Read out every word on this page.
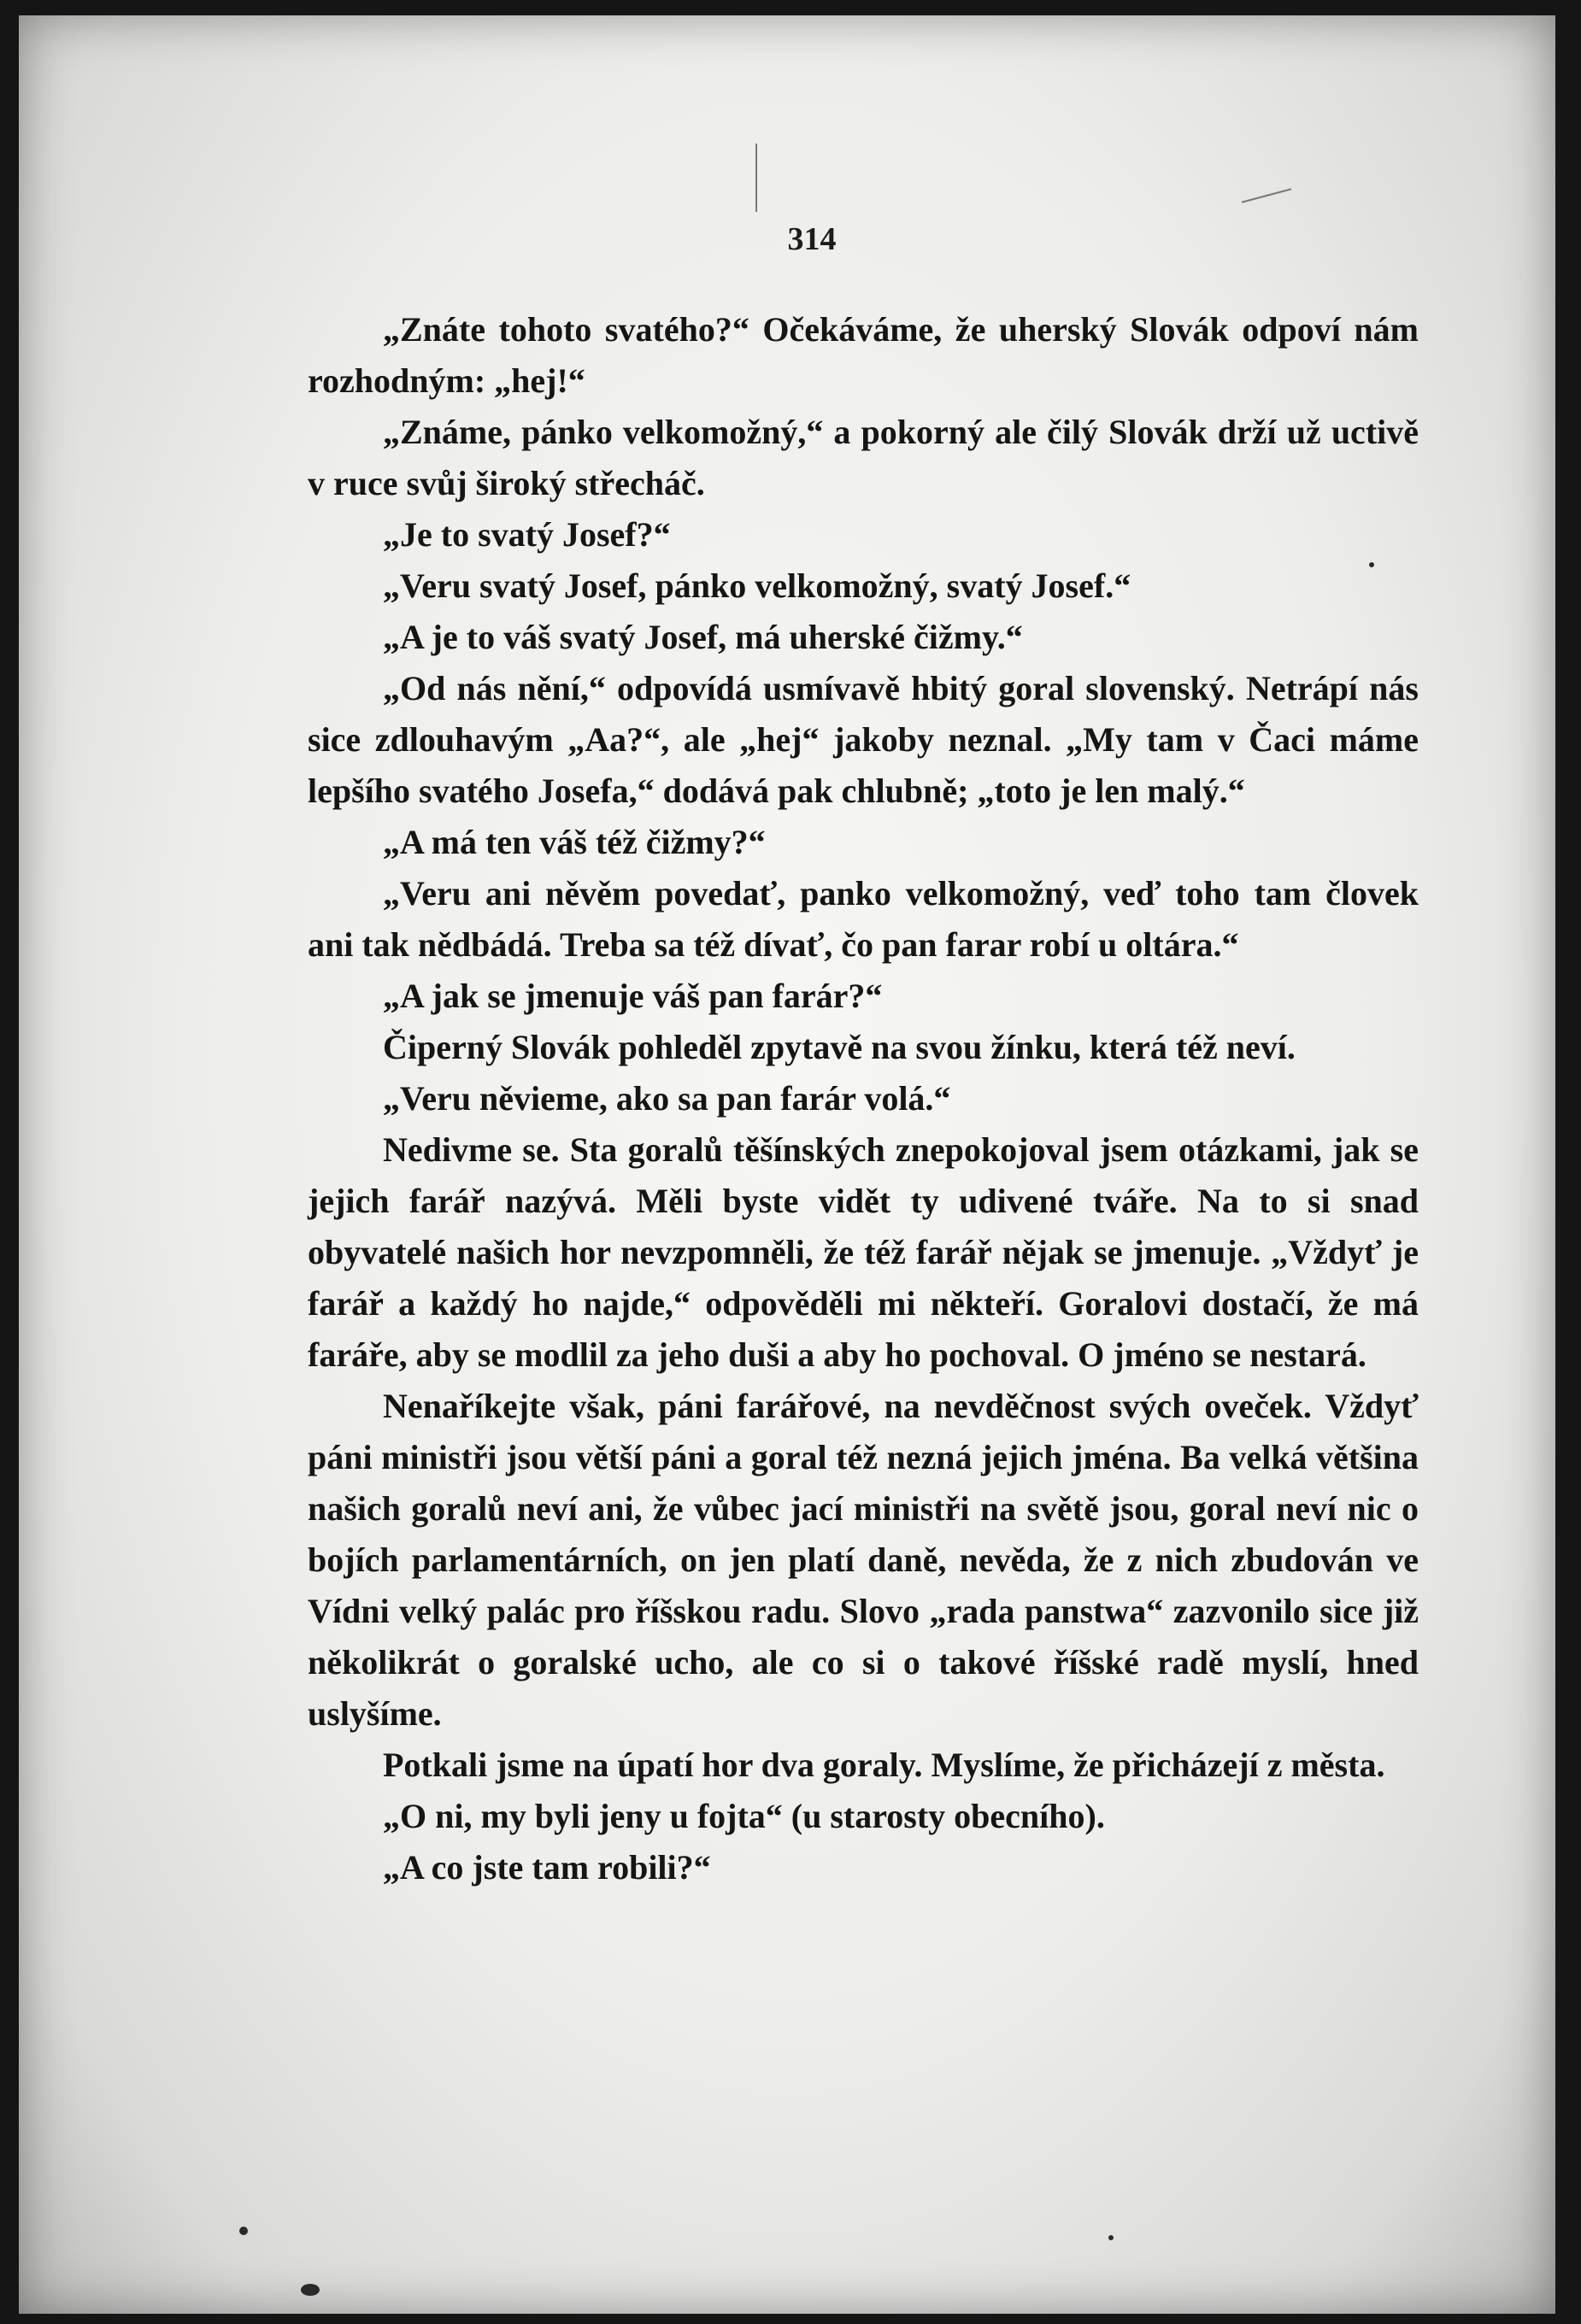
314

„Znáte tohoto svatého?“ Očekáváme, že uherský Slovák odpoví nám rozhodným: „hej!“

„Známe, pánko velkomožný,“ a pokorný ale čilý Slovák drží už uctivě v ruce svůj široký střecháč.

„Je to svatý Josef?“

„Veru svatý Josef, pánko velkomožný, svatý Josef.“

„A je to váš svatý Josef, má uherské čižmy.“

„Od nás nění,“ odpovídá usmívavě hbitý goral slovenský. Netrápí nás sice zdlouhavým „Aa?“, ale „hej“ jakoby neznal. „My tam v Čaci máme lepšího svatého Josefa,“ dodává pak chlubně; „toto je len malý.“

„A má ten váš též čižmy?“

„Veru ani něvěm povedať, panko velkomožný, veď toho tam človek ani tak nědbádá. Treba sa též dívať, čo pan farar robí u oltára.“

„A jak se jmenuje váš pan farár?“

Čiperný Slovák pohleděl zpytavě na svou žínku, která též neví.

„Veru něvieme, ako sa pan farár volá.“

Nedivme se. Sta goralů těšínských znepokojoval jsem otázkami, jak se jejich farář nazývá. Měli byste vidět ty udivené tváře. Na to si snad obyvatelé našich hor nevzpomněli, že též farář nějak se jmenuje. „Vždyť je farář a každý ho najde,“ odpověděli mi někteří. Goralovi dostačí, že má faráře, aby se modlil za jeho duši a aby ho pochoval. O jméno se nestará.

Nenaříkejte však, páni farářové, na nevděčnost svých oveček. Vždyť páni ministři jsou větší páni a goral též nezná jejich jména. Ba velká většina našich goralů neví ani, že vůbec jací ministři na světě jsou, goral neví nic o bojích parlamentárních, on jen platí daně, nevěda, že z nich zbudován ve Vídni velký palác pro říšskou radu. Slovo „rada panstwa“ zazvonilo sice již několikrát o goralské ucho, ale co si o takové říšské radě myslí, hned uslyšíme.

Potkali jsme na úpatí hor dva goraly. Myslíme, že přicházejí z města.

„O ni, my byli jeny u fojta“ (u starosty obecního).

„A co jste tam robili?“
